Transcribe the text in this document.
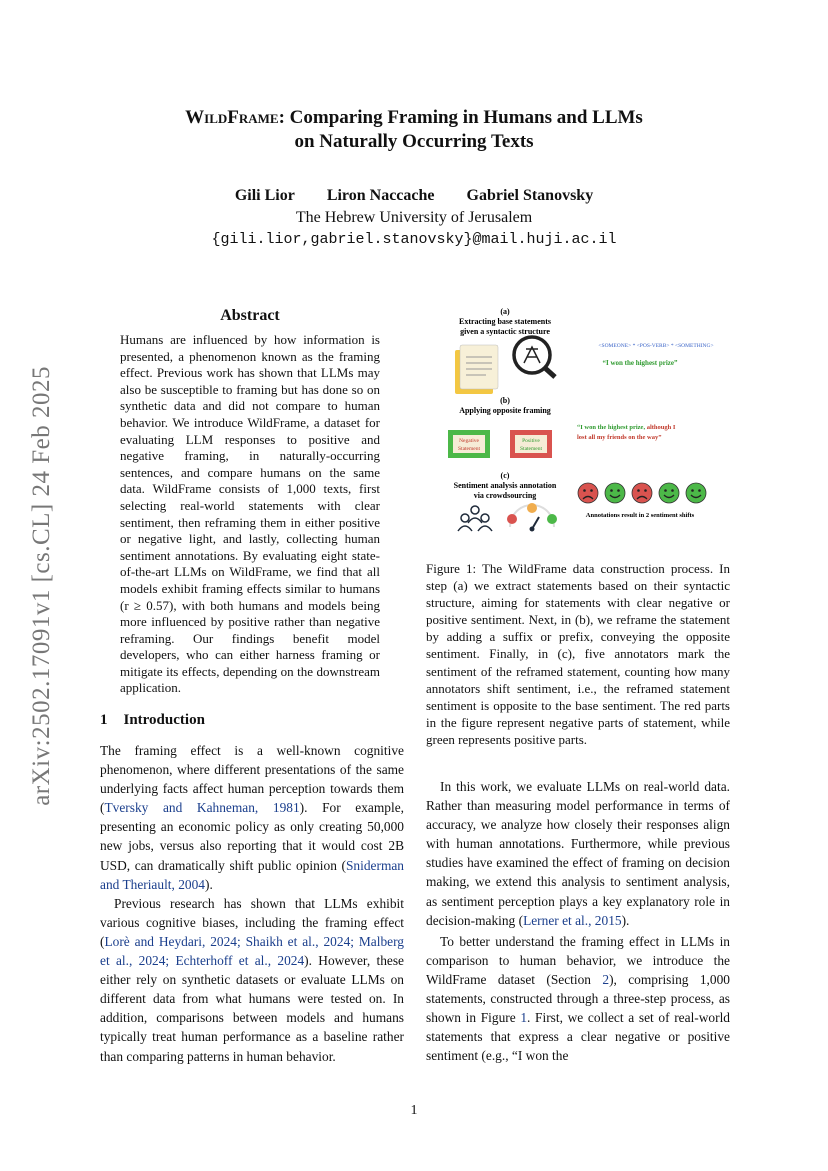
arXiv:2502.17091v1 [cs.CL] 24 Feb 2025
WildFrame: Comparing Framing in Humans and LLMs
on Naturally Occurring Texts
Gili Lior Liron Naccache Gabriel Stanovsky
The Hebrew University of Jerusalem
{gili.lior,gabriel.stanovsky}@mail.huji.ac.il
Abstract
Humans are influenced by how information is presented, a phenomenon known as the framing effect. Previous work has shown that LLMs may also be susceptible to framing but has done so on synthetic data and did not compare to human behavior. We introduce WildFrame, a dataset for evaluating LLM responses to positive and negative framing, in naturally-occurring sentences, and compare humans on the same data. WildFrame consists of 1,000 texts, first selecting real-world statements with clear sentiment, then reframing them in either positive or negative light, and lastly, collecting human sentiment annotations. By evaluating eight state-of-the-art LLMs on WildFrame, we find that all models exhibit framing effects similar to humans (r ≥ 0.57), with both humans and models being more influenced by positive rather than negative reframing. Our findings benefit model developers, who can either harness framing or mitigate its effects, depending on the downstream application.
1 Introduction

The framing effect is a well-known cognitive phenomenon, where different presentations of the same underlying facts affect human perception towards them (Tversky and Kahneman, 1981). For example, presenting an economic policy as only creating 50,000 new jobs, versus also reporting that it would cost 2B USD, can dramatically shift public opinion (Sniderman and Theriault, 2004).

Previous research has shown that LLMs exhibit various cognitive biases, including the framing effect (Lorè and Heydari, 2024; Shaikh et al., 2024; Malberg et al., 2024; Echterhoff et al., 2024). However, these either rely on synthetic datasets or evaluate LLMs on different data from what humans were tested on. In addition, comparisons between models and humans typically treat human performance as a baseline rather than comparing patterns in human behavior.

(a)
Extracting base statements
given a syntactic structure
<SOMEONE> * <POS-VERB> * <SOMETHING>
“I won the highest prize”
(b)
Applying opposite framing
Negative
Statement
Positive
Statement
“I won the highest prize, although I
lost all my friends on the way”
(c)
Sentiment analysis annotation
via crowdsourcing
Annotations result in 2 sentiment shifts
Figure 1: The WildFrame data construction process. In step (a) we extract statements based on their syntactic structure, aiming for statements with clear negative or positive sentiment. Next, in (b), we reframe the statement by adding a suffix or prefix, conveying the opposite sentiment. Finally, in (c), five annotators mark the sentiment of the reframed statement, counting how many annotators shift sentiment, i.e., the reframed statement sentiment is opposite to the base sentiment. The red parts in the figure represent negative parts of statement, while green represents positive parts.

In this work, we evaluate LLMs on real-world data. Rather than measuring model performance in terms of accuracy, we analyze how closely their responses align with human annotations. Furthermore, while previous studies have examined the effect of framing on decision making, we extend this analysis to sentiment analysis, as sentiment perception plays a key explanatory role in decision-making (Lerner et al., 2015).

To better understand the framing effect in LLMs in comparison to human behavior, we introduce the WildFrame dataset (Section 2), comprising 1,000 statements, constructed through a three-step process, as shown in Figure 1. First, we collect a set of real-world statements that express a clear negative or positive sentiment (e.g., “I won the

1
